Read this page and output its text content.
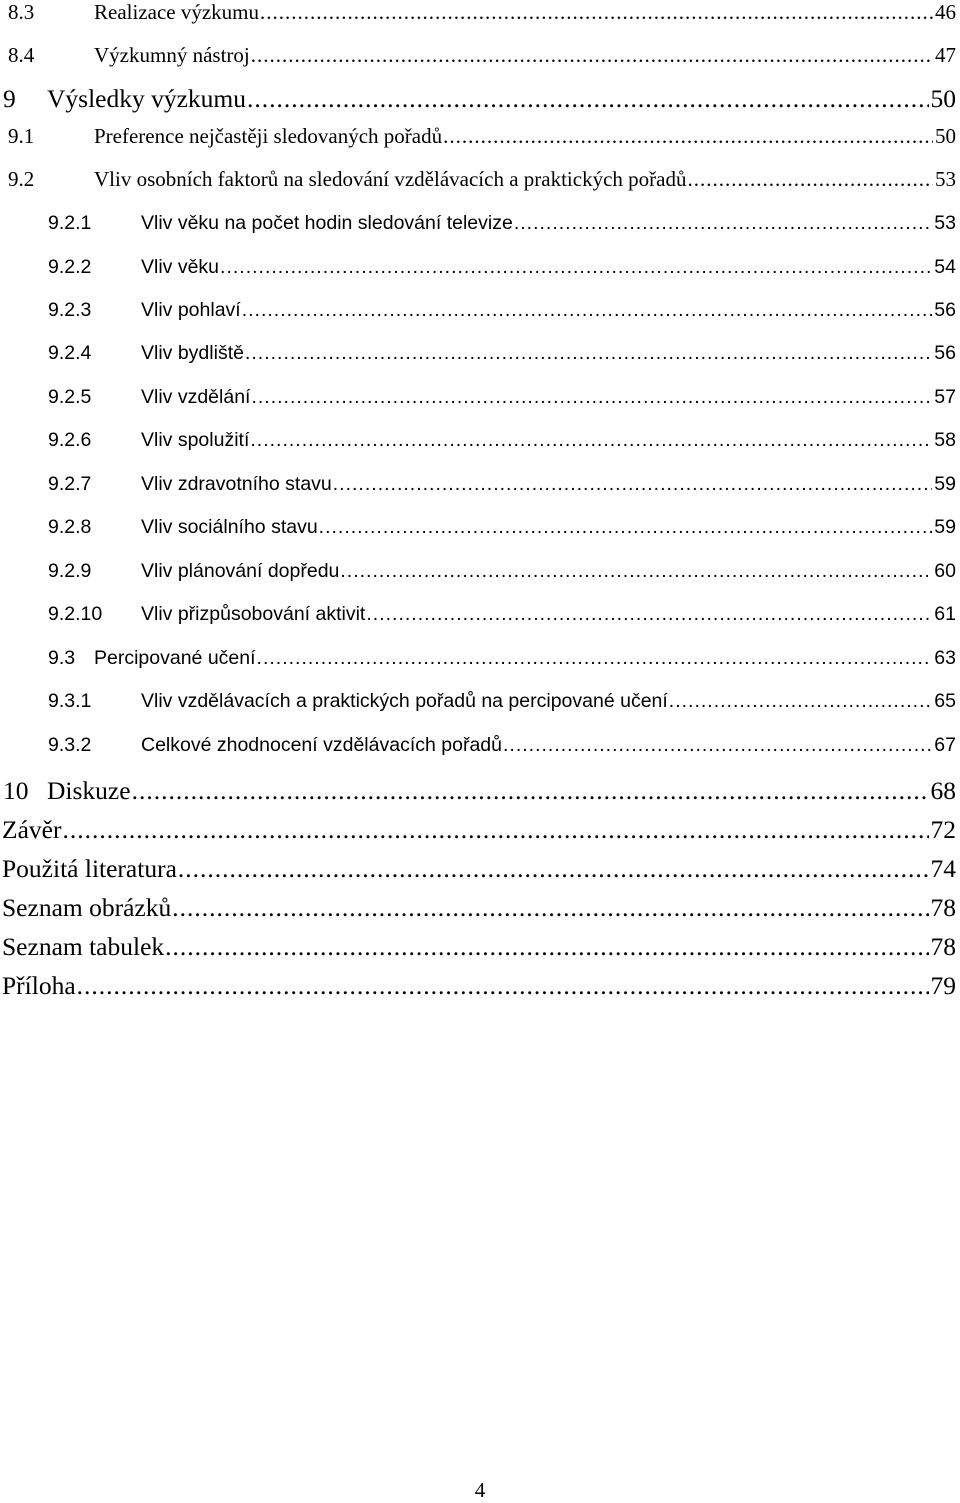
8.3	Realizace výzkumu .....	46
8.4	Výzkumný nástroj .....	47
9	Výsledky výzkumu .....	50
9.1	Preference nejčastěji sledovaných pořadů .....	50
9.2	Vliv osobních faktorů na sledování vzdělávacích a praktických pořadů .....	53
9.2.1	Vliv věku na počet hodin sledování televize .....	53
9.2.2	Vliv věku .....	54
9.2.3	Vliv pohlaví .....	56
9.2.4	Vliv bydliště .....	56
9.2.5	Vliv vzdělání .....	57
9.2.6	Vliv spolužití .....	58
9.2.7	Vliv zdravotního stavu .....	59
9.2.8	Vliv sociálního stavu .....	59
9.2.9	Vliv plánování dopředu .....	60
9.2.10	Vliv přizpůsobování aktivit .....	61
9.3 Percipované učení .....	63
9.3.1	Vliv vzdělávacích a praktických pořadů na percipované učení .....	65
9.3.2	Celkové zhodnocení vzdělávacích pořadů .....	67
10 Diskuze .....	68
Závěr .....	72
Použitá literatura .....	74
Seznam obrázků .....	78
Seznam tabulek .....	78
Příloha .....	79
4
